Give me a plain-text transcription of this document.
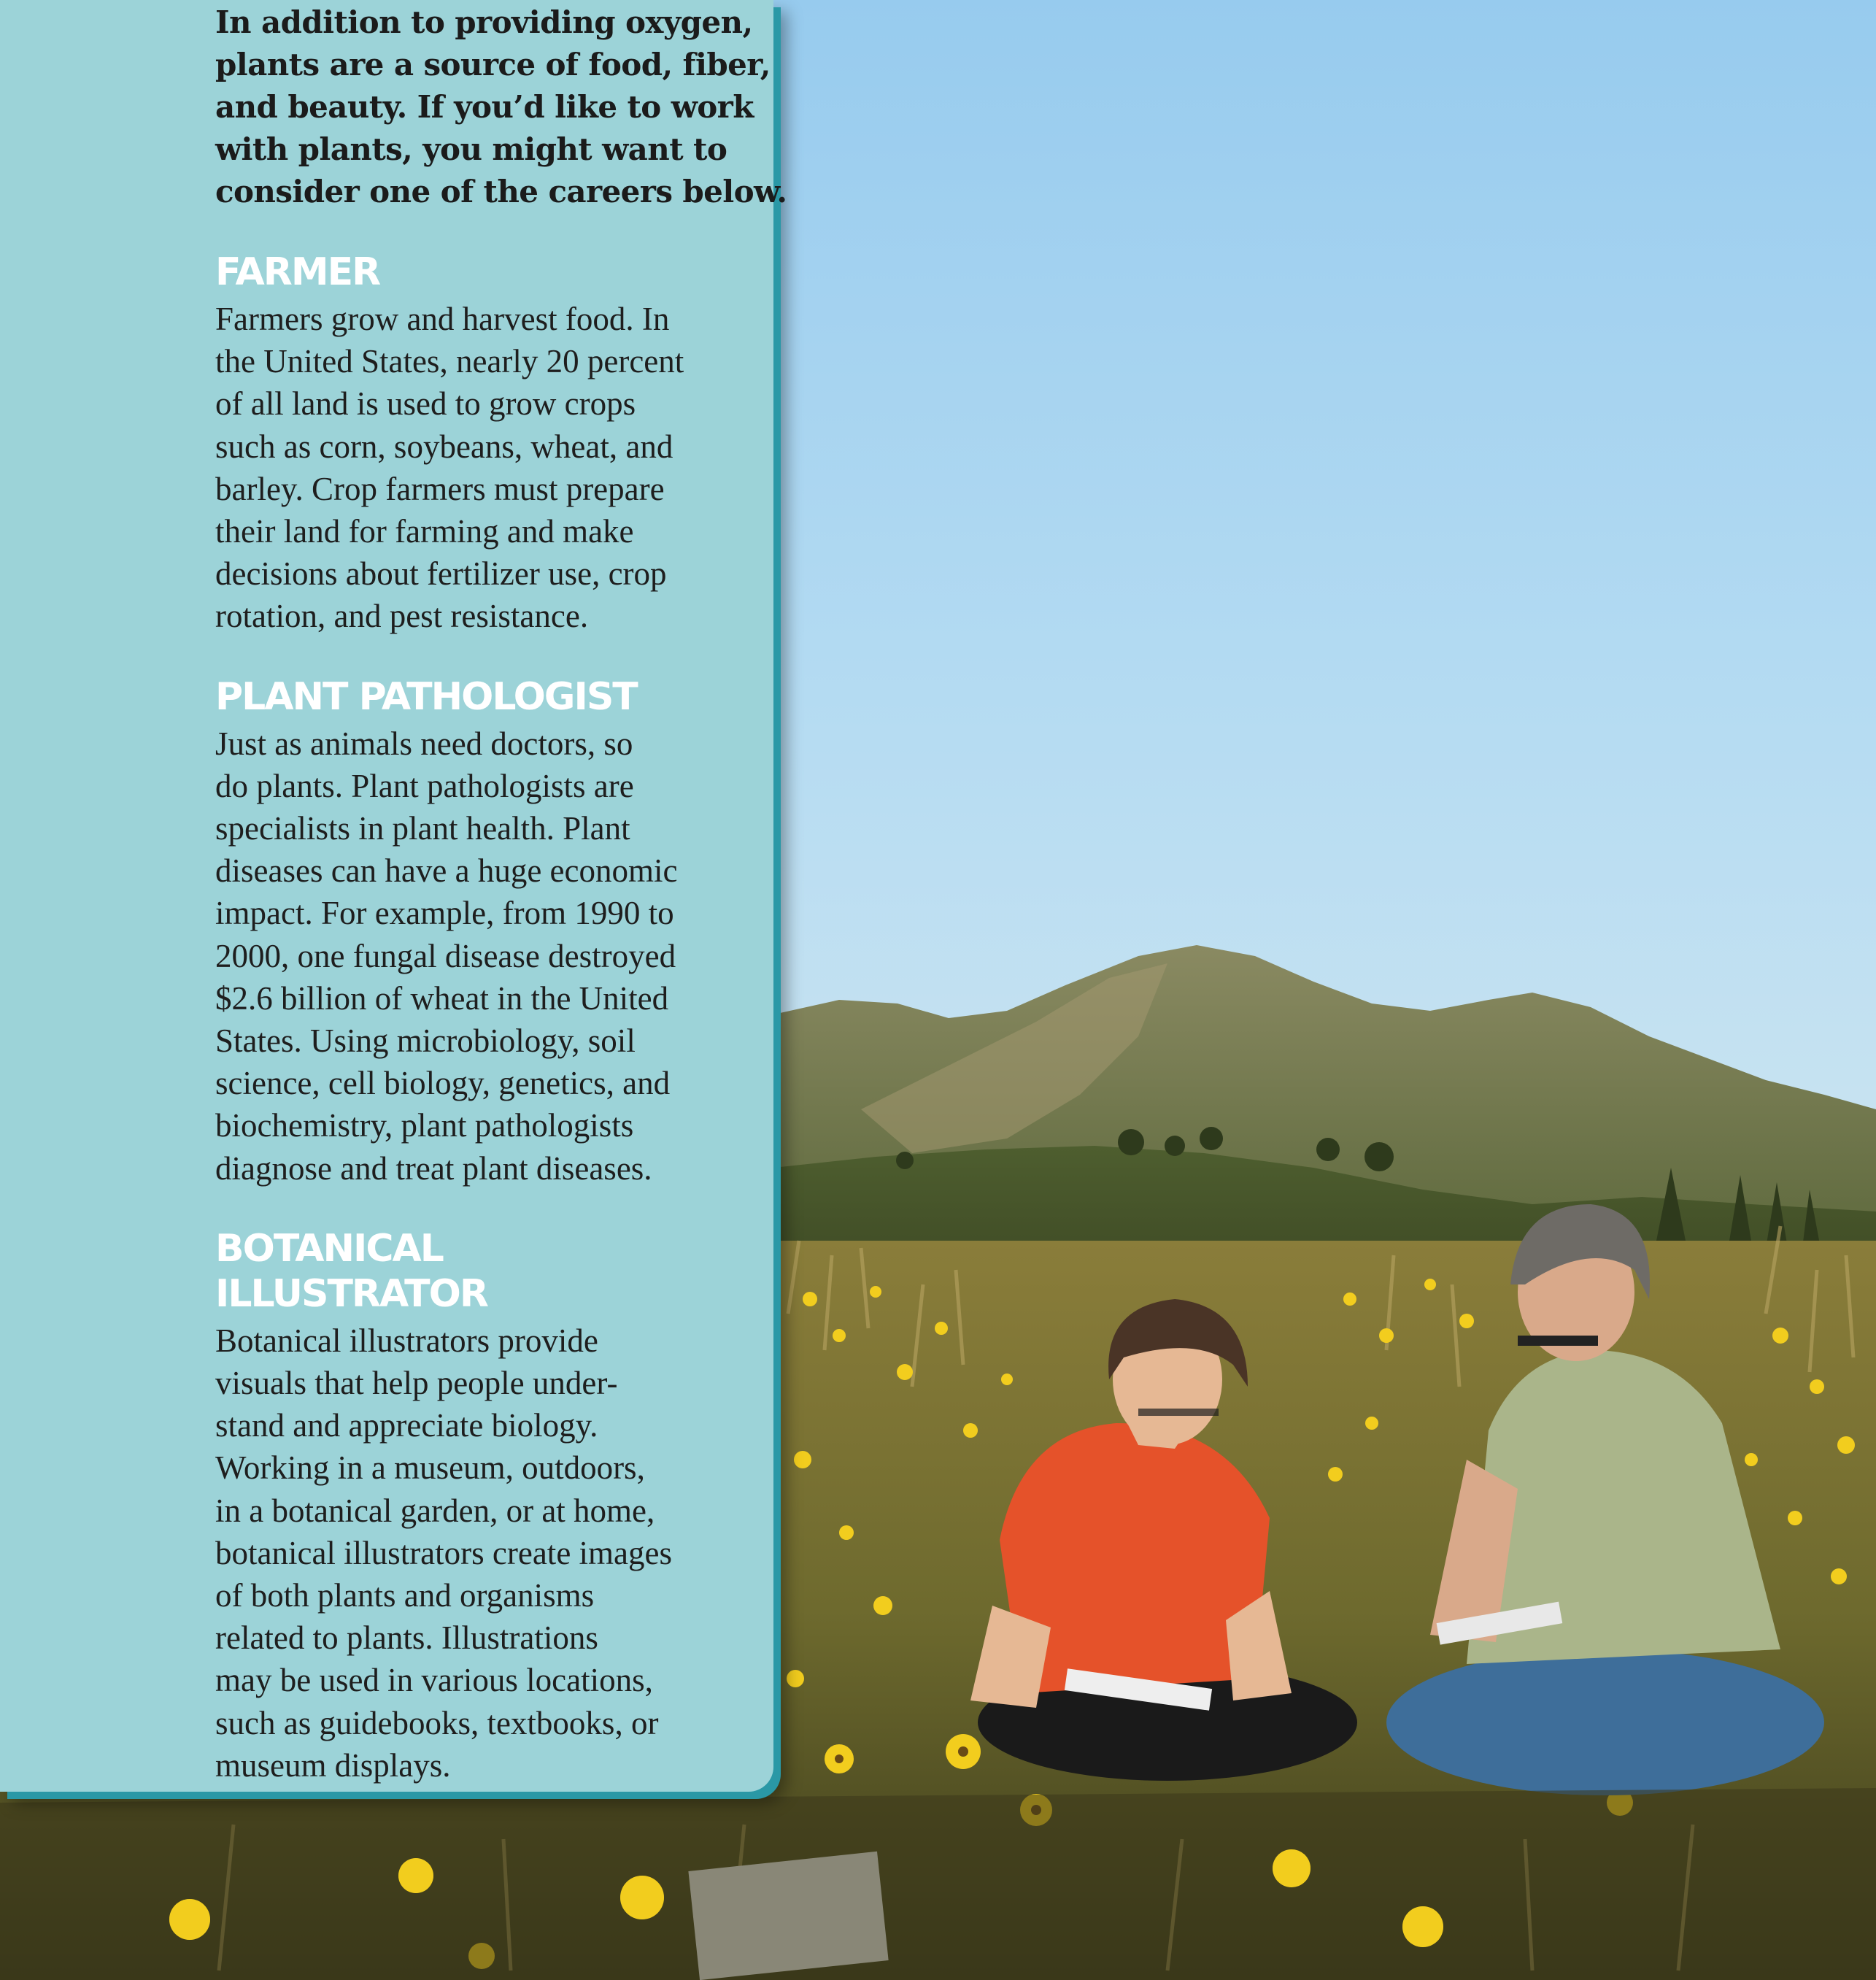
In addition to providing oxygen,
plants are a source of food, fiber,
and beauty. If you’d like to work
with plants, you might want to
consider one of the careers below.

FARMER

Farmers grow and harvest food. In
the United States, nearly 20 percent
of all land is used to grow crops
such as corn, soybeans, wheat, and
barley. Crop farmers must prepare
their land for farming and make
decisions about fertilizer use, crop
rotation, and pest resistance.

PLANT PATHOLOGIST

Just as animals need doctors, so
do plants. Plant pathologists are
specialists in plant health. Plant
diseases can have a huge economic
impact. For example, from 1990 to
2000, one fungal disease destroyed
$2.6 billion of wheat in the United
States. Using microbiology, soil
science, cell biology, genetics, and
biochemistry, plant pathologists
diagnose and treat plant diseases.

BOTANICAL ILLUSTRATOR

Botanical illustrators provide
visuals that help people under-
stand and appreciate biology.
Working in a museum, outdoors,
in a botanical garden, or at home,
botanical illustrators create images
of both plants and organisms
related to plants. Illustrations
may be used in various locations,
such as guidebooks, textbooks, or
museum displays.
